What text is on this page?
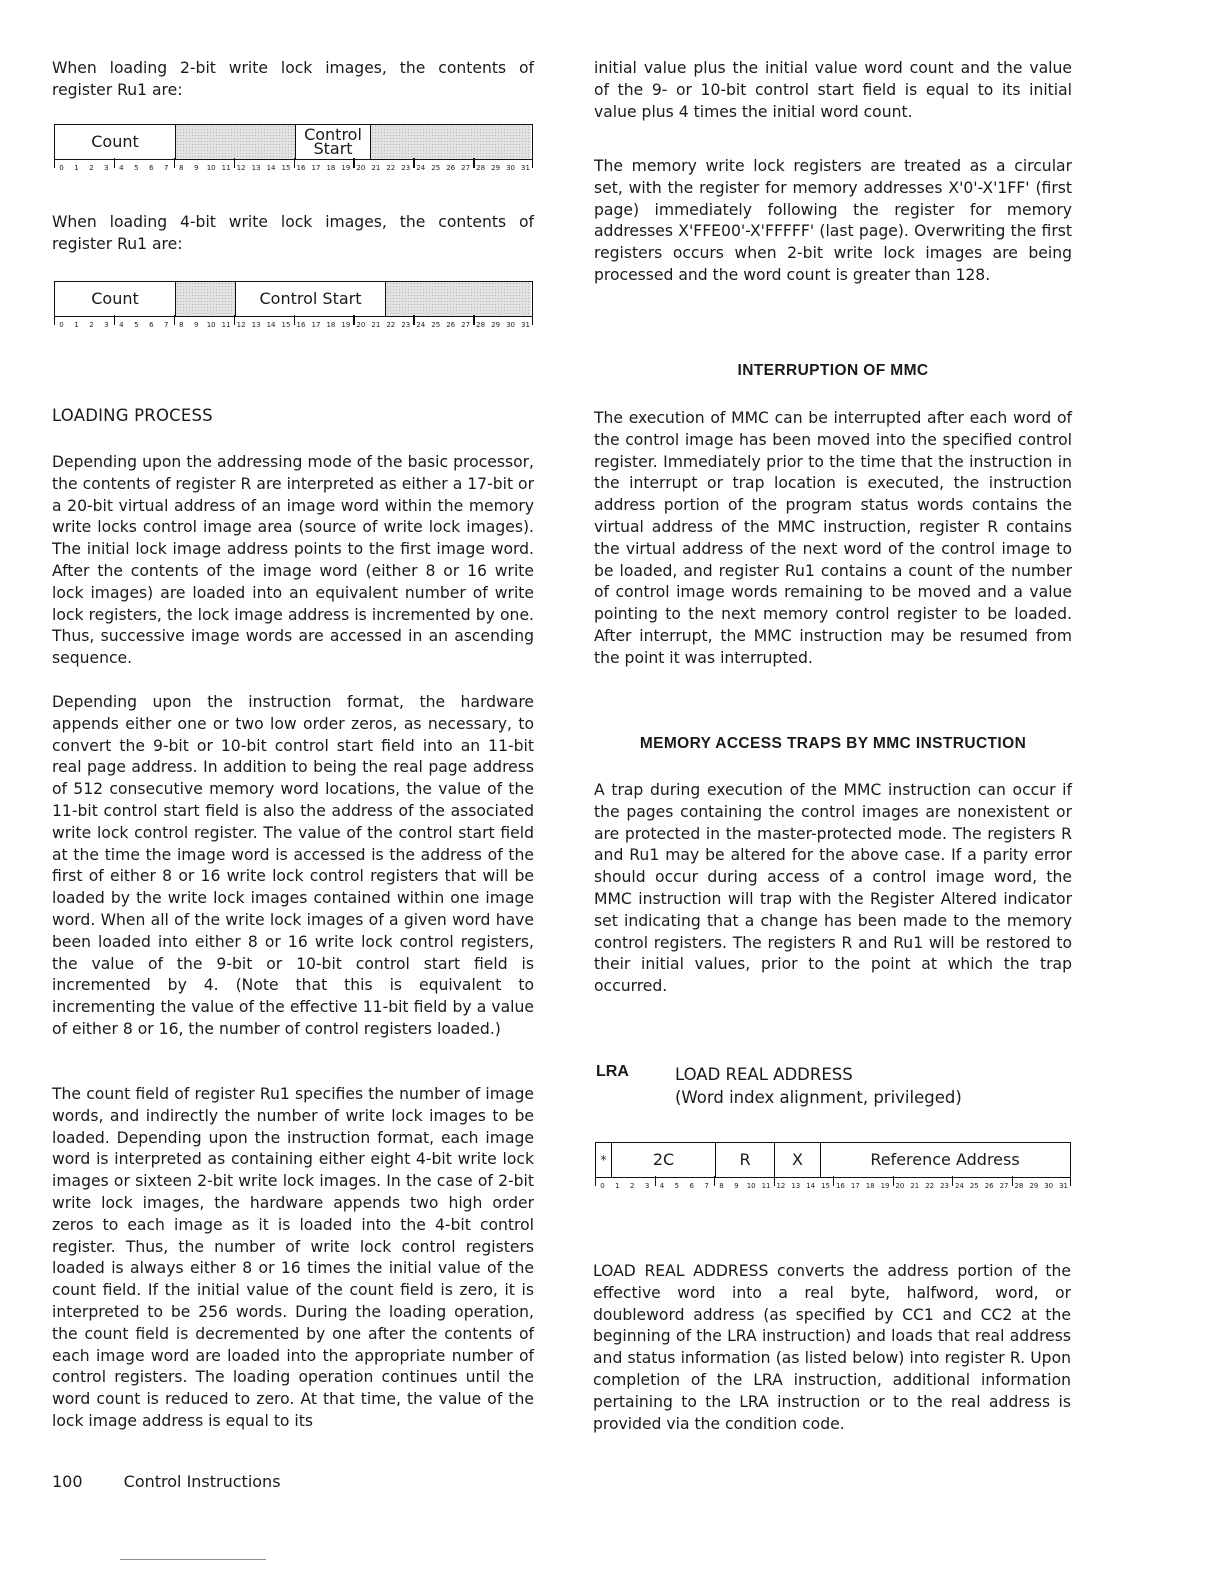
When loading 2-bit write lock images, the contents of register Ru1 are:

Count	Control
Start
0 1 2 3 4 5 6 7 8 9 10 11 12 13 14 15 16 17 18 19 20 21 22 23 24 25 26 27 28 29 30 31

When loading 4-bit write lock images, the contents of register Ru1 are:

Count	Control Start
0 1 2 3 4 5 6 7 8 9 10 11 12 13 14 15 16 17 18 19 20 21 22 23 24 25 26 27 28 29 30 31
LOADING PROCESS

Depending upon the addressing mode of the basic processor, the contents of register R are interpreted as either a 17-bit or a 20-bit virtual address of an image word within the memory write locks control image area (source of write lock images). The initial lock image address points to the first image word. After the contents of the image word (either 8 or 16 write lock images) are loaded into an equivalent number of write lock registers, the lock image address is incremented by one. Thus, successive image words are accessed in an ascending sequence.

Depending upon the instruction format, the hardware appends either one or two low order zeros, as necessary, to convert the 9-bit or 10-bit control start field into an 11-bit real page address. In addition to being the real page address of 512 consecutive memory word locations, the value of the 11-bit control start field is also the address of the associated write lock control register. The value of the control start field at the time the image word is accessed is the address of the first of either 8 or 16 write lock control registers that will be loaded by the write lock images contained within one image word. When all of the write lock images of a given word have been loaded into either 8 or 16 write lock control registers, the value of the 9-bit or 10-bit control start field is incremented by 4. (Note that this is equivalent to incrementing the value of the effective 11-bit field by a value of either 8 or 16, the number of control registers loaded.)

The count field of register Ru1 specifies the number of image words, and indirectly the number of write lock images to be loaded. Depending upon the instruction format, each image word is interpreted as containing either eight 4-bit write lock images or sixteen 2-bit write lock images. In the case of 2-bit write lock images, the hardware appends two high order zeros to each image as it is loaded into the 4-bit control register. Thus, the number of write lock control registers loaded is always either 8 or 16 times the initial value of the count field. If the initial value of the count field is zero, it is interpreted to be 256 words. During the loading operation, the count field is decremented by one after the contents of each image word are loaded into the appropriate number of control registers. The loading operation continues until the word count is reduced to zero. At that time, the value of the lock image address is equal to its

initial value plus the initial value word count and the value of the 9- or 10-bit control start field is equal to its initial value plus 4 times the initial word count.

The memory write lock registers are treated as a circular set, with the register for memory addresses X'0'-X'1FF' (first page) immediately following the register for memory addresses X'FFE00'-X'FFFFF' (last page). Overwriting the first registers occurs when 2-bit write lock images are being processed and the word count is greater than 128.

INTERRUPTION OF MMC

The execution of MMC can be interrupted after each word of the control image has been moved into the specified control register. Immediately prior to the time that the instruction in the interrupt or trap location is executed, the instruction address portion of the program status words contains the virtual address of the MMC instruction, register R contains the virtual address of the next word of the control image to be loaded, and register Ru1 contains a count of the number of control image words remaining to be moved and a value pointing to the next memory control register to be loaded. After interrupt, the MMC instruction may be resumed from the point it was interrupted.

MEMORY ACCESS TRAPS BY MMC INSTRUCTION

A trap during execution of the MMC instruction can occur if the pages containing the control images are nonexistent or are protected in the master-protected mode. The registers R and Ru1 may be altered for the above case. If a parity error should occur during access of a control image word, the MMC instruction will trap with the Register Altered indicator set indicating that a change has been made to the memory control registers. The registers R and Ru1 will be restored to their initial values, prior to the point at which the trap occurred.

LRA	LOAD REAL ADDRESS
(Word index alignment, privileged)
*	2C	R	X	Reference Address
0 1 2 3 4 5 6 7 8 9 10 11 12 13 14 15 16 17 18 19 20 21 22 23 24 25 26 27 28 29 30 31

LOAD REAL ADDRESS converts the address portion of the effective word into a real byte, halfword, word, or doubleword address (as specified by CC1 and CC2 at the beginning of the LRA instruction) and loads that real address and status information (as listed below) into register R. Upon completion of the LRA instruction, additional information pertaining to the LRA instruction or to the real address is provided via the condition code.

100	Control Instructions
